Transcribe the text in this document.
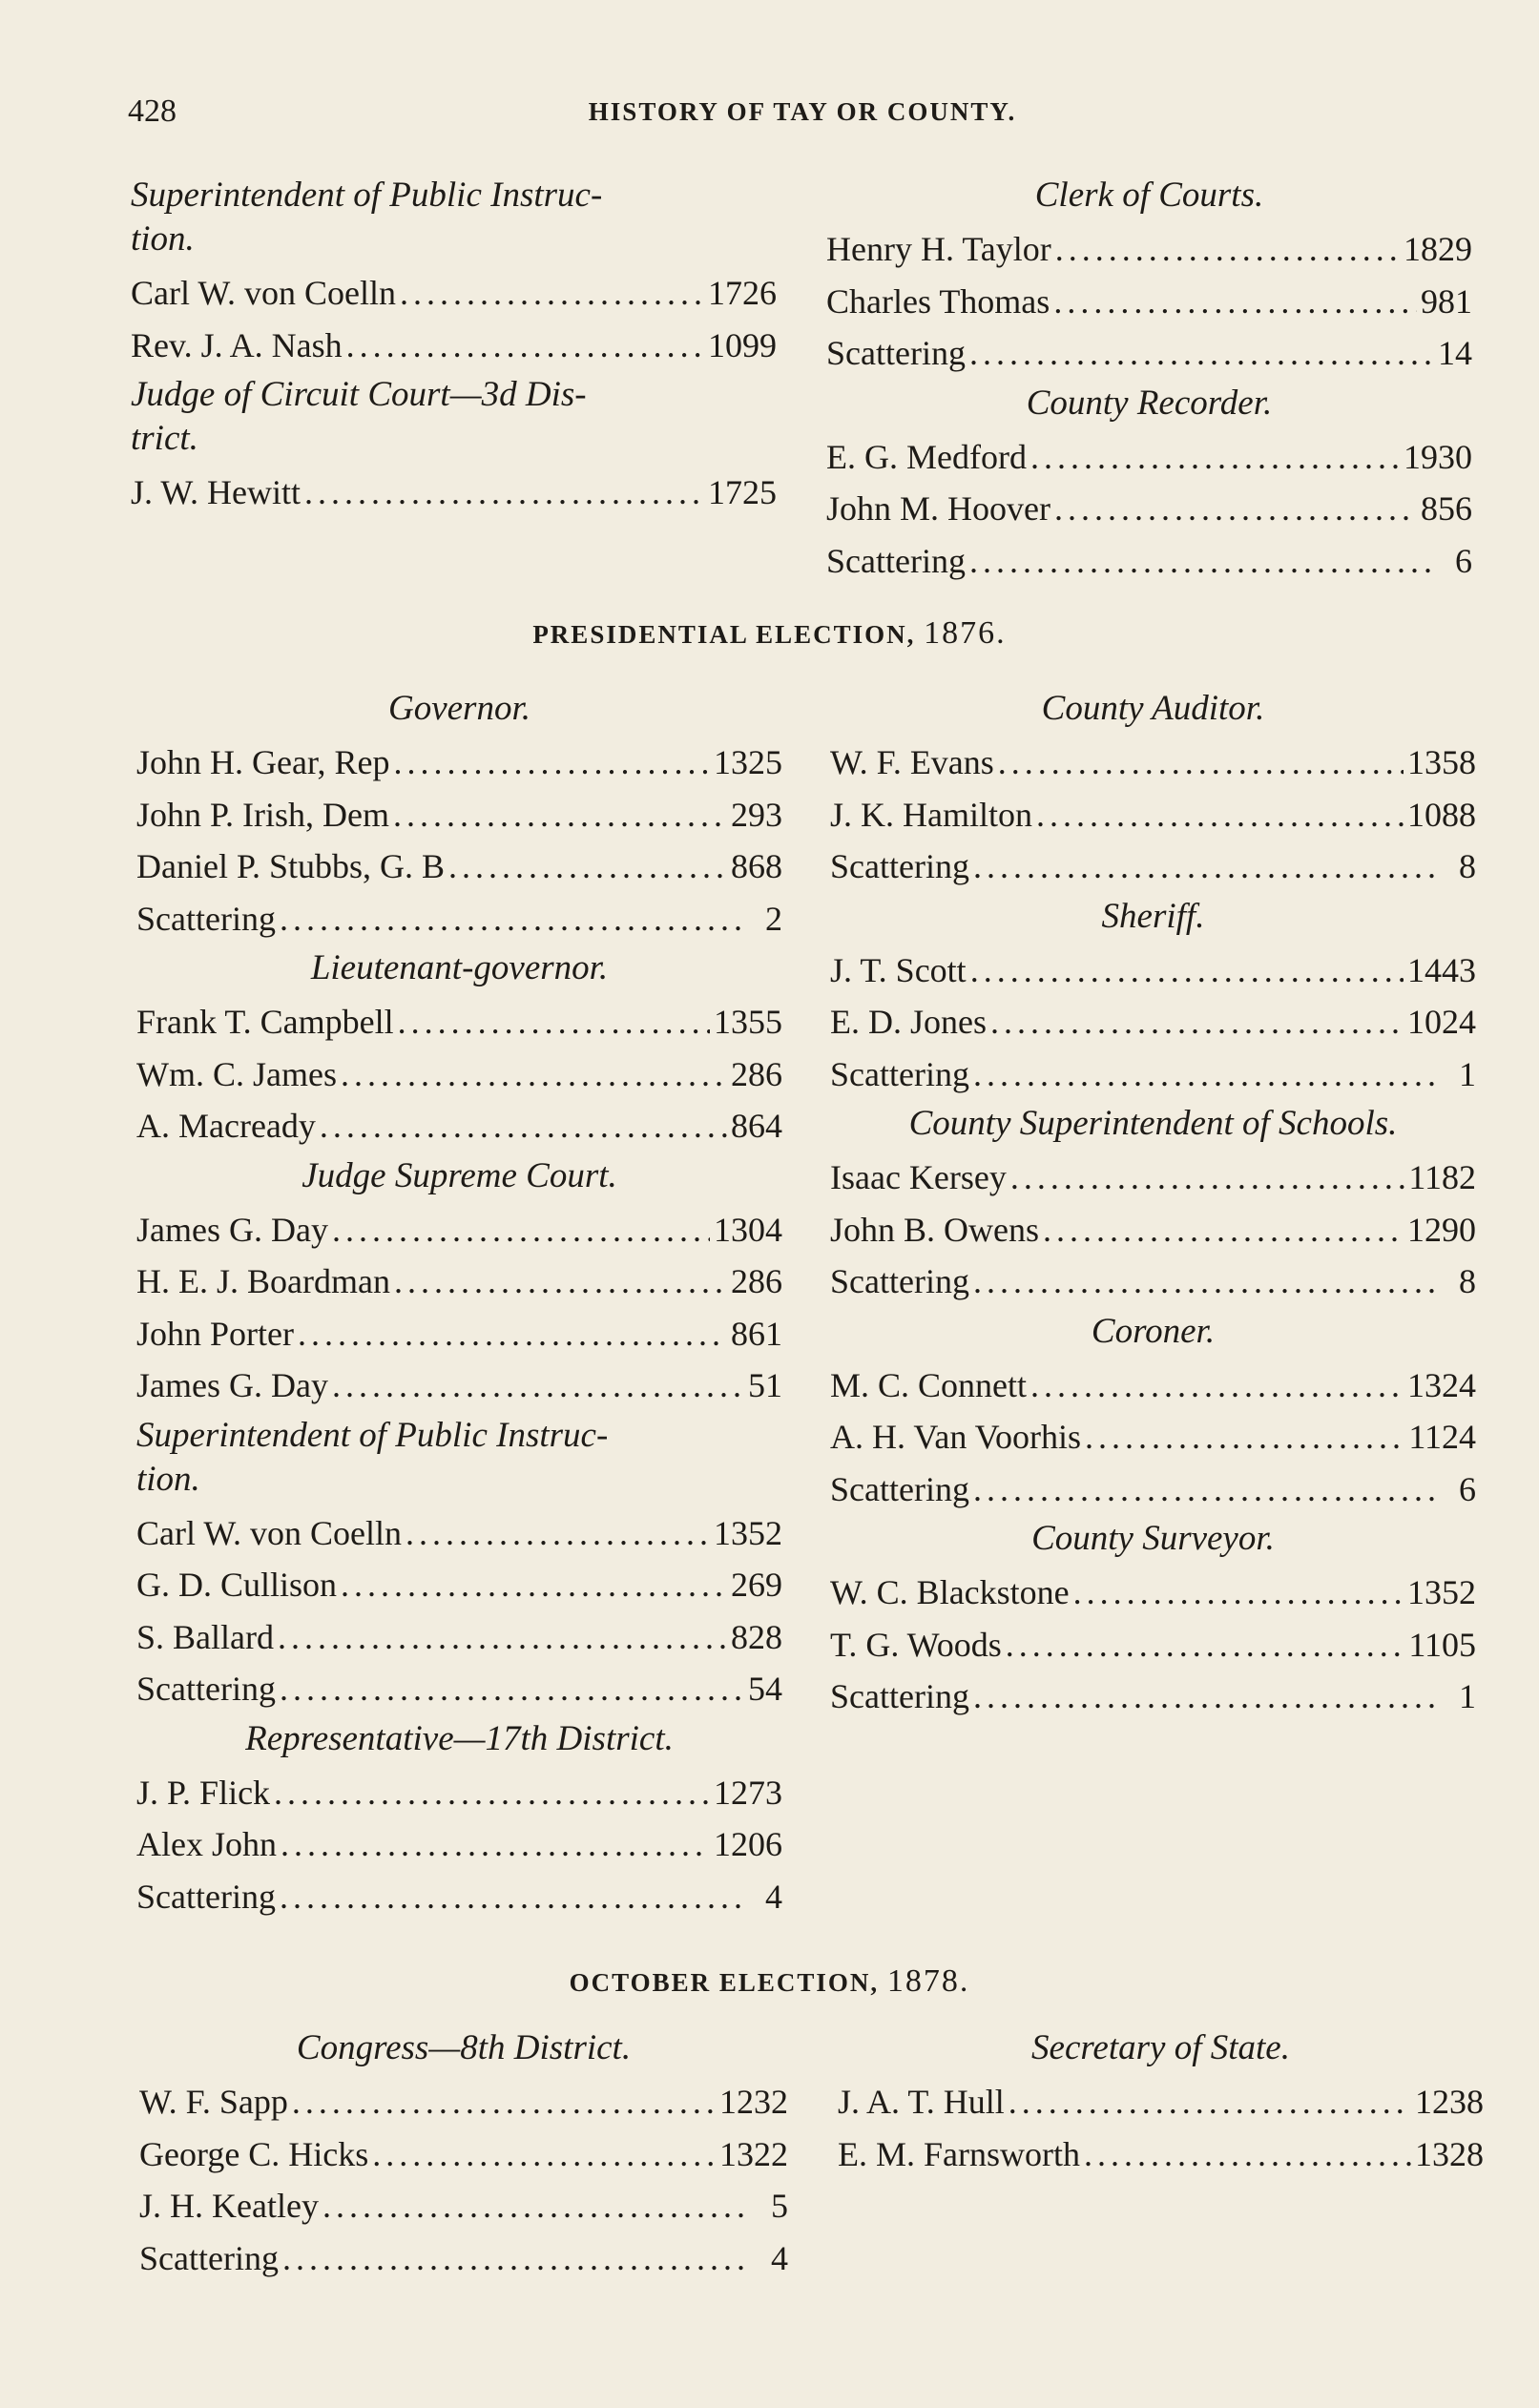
428	HISTORY OF TAY OR COUNTY.
Superintendent of Public Instruc-
tion.
Carl W. von Coelln .....	1726
Rev. J. A. Nash .....	1099
Judge of Circuit Court—3d Dis-
trict.
J. W. Hewitt .....	1725
Clerk of Courts.
Henry H. Taylor .....	1829
Charles Thomas .....	981
Scattering .....	14
County Recorder.
E. G. Medford .....	1930
John M. Hoover .....	856
Scattering .....	6
PRESIDENTIAL ELECTION, 1876.
Governor.
John H. Gear, Rep .....	1325
John P. Irish, Dem .....	293
Daniel P. Stubbs, G. B .....	868
Scattering .....	2
Lieutenant-governor.
Frank T. Campbell .....	1355
Wm. C. James .....	286
A. Macready .....	864
Judge Supreme Court.
James G. Day .....	1304
H. E. J. Boardman .....	286
John Porter .....	861
James G. Day .....	51
Superintendent of Public Instruc-
tion.
Carl W. von Coelln .....	1352
G. D. Cullison .....	269
S. Ballard .....	828
Scattering .....	54
Representative—17th District.
J. P. Flick .....	1273
Alex John .....	1206
Scattering .....	4
County Auditor.
W. F. Evans .....	1358
J. K. Hamilton .....	1088
Scattering .....	8
Sheriff.
J. T. Scott .....	1443
E. D. Jones .....	1024
Scattering .....	1
County Superintendent of Schools.
Isaac Kersey .....	1182
John B. Owens .....	1290
Scattering .....	8
Coroner.
M. C. Connett .....	1324
A. H. Van Voorhis .....	1124
Scattering .....	6
County Surveyor.
W. C. Blackstone .....	1352
T. G. Woods .....	1105
Scattering .....	1
OCTOBER ELECTION, 1878.
Congress—8th District.
W. F. Sapp .....	1232
George C. Hicks .....	1322
J. H. Keatley .....	5
Scattering .....	4
Secretary of State.
J. A. T. Hull .....	1238
E. M. Farnsworth .....	1328
